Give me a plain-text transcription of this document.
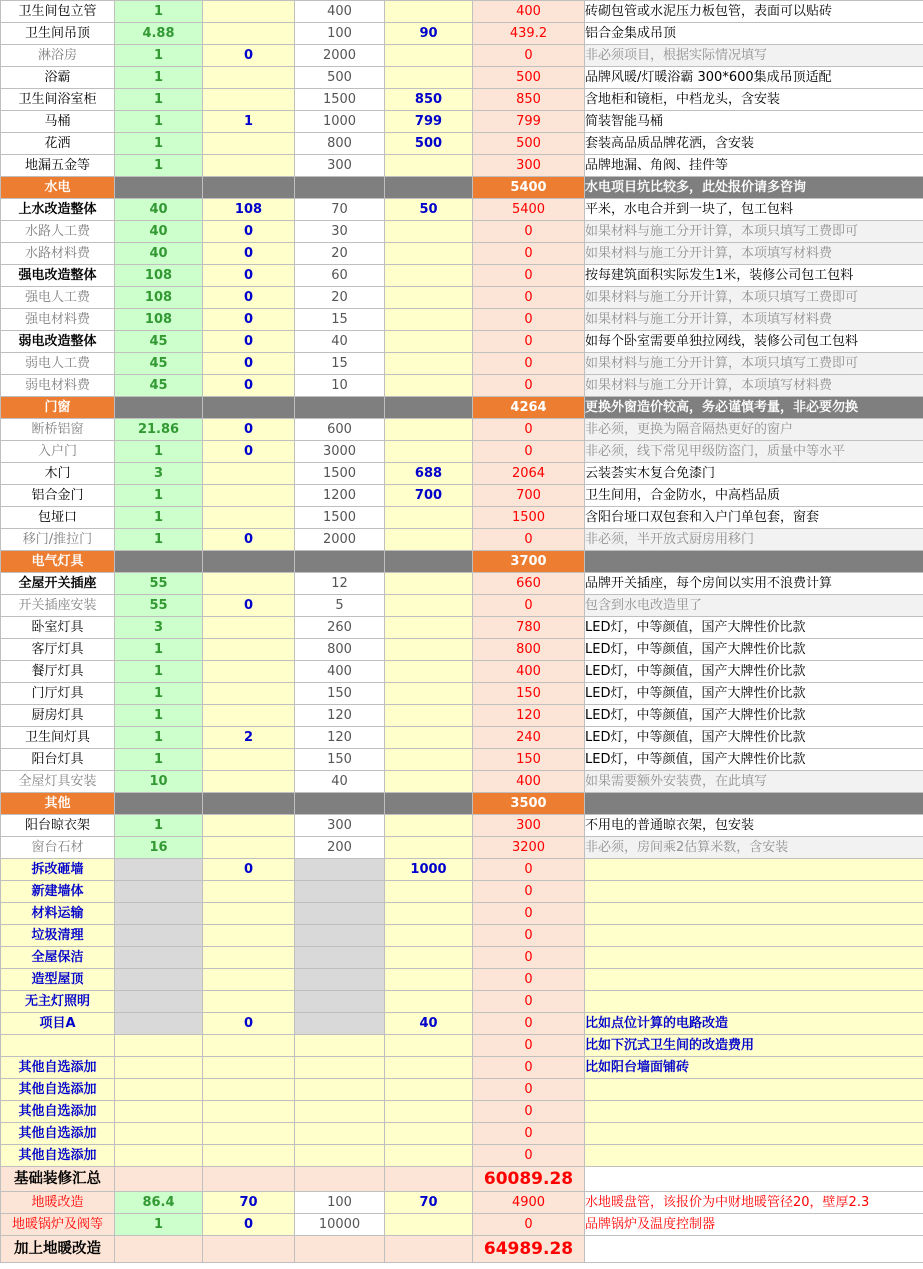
卫生间包立管	1		400		400	砖砌包管或水泥压力板包管，表面可以贴砖
卫生间吊顶	4.88		100	90	439.2	铝合金集成吊顶
淋浴房	1	0	2000		0	非必须项目，根据实际情况填写
浴霸	1		500		500	品牌风暖/灯暖浴霸 300*600集成吊顶适配
卫生间浴室柜	1		1500	850	850	含地柜和镜柜，中档龙头，含安装
马桶	1	1	1000	799	799	简装智能马桶
花洒	1		800	500	500	套装高品质品牌花洒，含安装
地漏五金等	1		300		300	品牌地漏、角阀、挂件等
水电					5400	水电项目坑比较多，此处报价请多咨询
上水改造整体	40	108	70	50	5400	平米，水电合并到一块了，包工包料
水路人工费	40	0	30		0	如果材料与施工分开计算，本项只填写工费即可
水路材料费	40	0	20		0	如果材料与施工分开计算，本项填写材料费
强电改造整体	108	0	60		0	按每建筑面积实际发生1米，装修公司包工包料
强电人工费	108	0	20		0	如果材料与施工分开计算，本项只填写工费即可
强电材料费	108	0	15		0	如果材料与施工分开计算，本项填写材料费
弱电改造整体	45	0	40		0	如每个卧室需要单独拉网线，装修公司包工包料
弱电人工费	45	0	15		0	如果材料与施工分开计算，本项只填写工费即可
弱电材料费	45	0	10		0	如果材料与施工分开计算，本项填写材料费
门窗					4264	更换外窗造价较高，务必谨慎考量，非必要勿换
断桥铝窗	21.86	0	600		0	非必须，更换为隔音隔热更好的窗户
入户门	1	0	3000		0	非必须，线下常见甲级防盗门，质量中等水平
木门	3		1500	688	2064	云装荟实木复合免漆门
铝合金门	1		1200	700	700	卫生间用，合金防水，中高档品质
包垭口	1		1500		1500	含阳台垭口双包套和入户门单包套，窗套
移门/推拉门	1	0	2000		0	非必须，半开放式厨房用移门
电气灯具					3700	
全屋开关插座	55		12		660	品牌开关插座，每个房间以实用不浪费计算
开关插座安装	55	0	5		0	包含到水电改造里了
卧室灯具	3		260		780	LED灯，中等颜值，国产大牌性价比款
客厅灯具	1		800		800	LED灯，中等颜值，国产大牌性价比款
餐厅灯具	1		400		400	LED灯，中等颜值，国产大牌性价比款
门厅灯具	1		150		150	LED灯，中等颜值，国产大牌性价比款
厨房灯具	1		120		120	LED灯，中等颜值，国产大牌性价比款
卫生间灯具	1	2	120		240	LED灯，中等颜值，国产大牌性价比款
阳台灯具	1		150		150	LED灯，中等颜值，国产大牌性价比款
全屋灯具安装	10		40		400	如果需要额外安装费，在此填写
其他					3500	
阳台晾衣架	1		300		300	不用电的普通晾衣架，包安装
窗台石材	16		200		3200	非必须，房间乘2估算米数，含安装
拆改砸墙		0		1000	0	
新建墙体					0	
材料运输					0	
垃圾清理					0	
全屋保洁					0	
造型屋顶					0	
无主灯照明					0	
项目A		0		40	0	比如点位计算的电路改造
					0	比如下沉式卫生间的改造费用
其他自选添加					0	比如阳台墙面铺砖
其他自选添加					0	
其他自选添加					0	
其他自选添加					0	
其他自选添加					0	
基础装修汇总					60089.28	
地暖改造	86.4	70	100	70	4900	水地暖盘管，该报价为中财地暖管径20，壁厚2.3
地暖锅炉及阀等	1	0	10000		0	品牌锅炉及温度控制器
加上地暖改造					64989.28	
